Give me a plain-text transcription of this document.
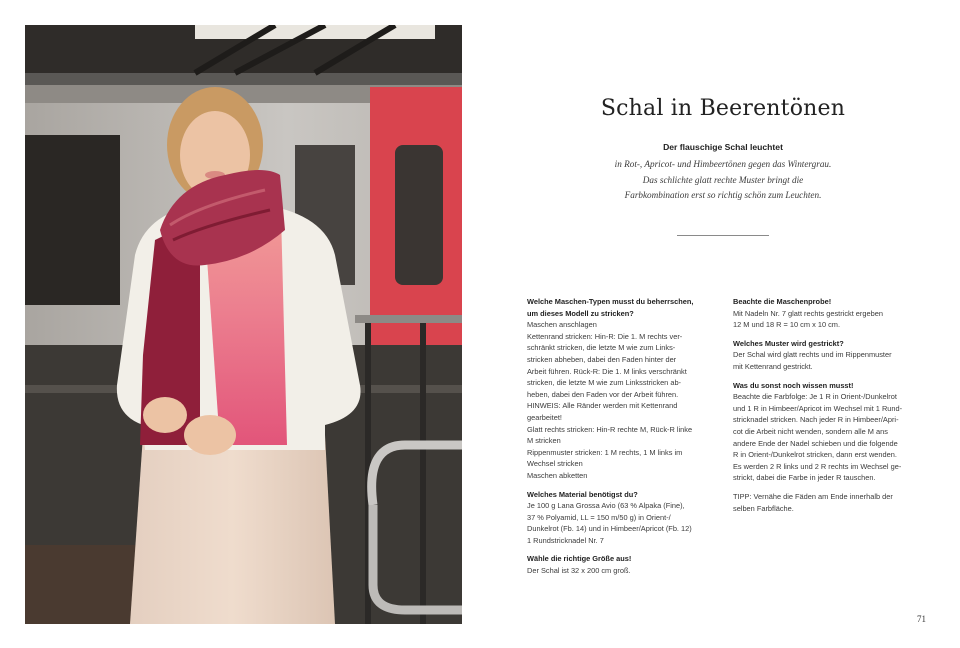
Schal in Beerentönen
Der flauschige Schal leuchtet
in Rot-, Apricot- und Himbeertönen gegen das Wintergrau.
Das schlichte glatt rechte Muster bringt die
Farbkombination erst so richtig schön zum Leuchten.

Welche Maschen-Typen musst du beherrschen,

um dieses Modell zu stricken?

Maschen anschlagen

Kettenrand stricken: Hin-R: Die 1. M rechts ver-

schränkt stricken, die letzte M wie zum Links-

stricken abheben, dabei den Faden hinter der

Arbeit führen. Rück-R: Die 1. M links verschränkt

stricken, die letzte M wie zum Linksstricken ab-

heben, dabei den Faden vor der Arbeit führen.

HINWEIS: Alle Ränder werden mit Kettenrand

gearbeitet!

Glatt rechts stricken: Hin-R rechte M, Rück-R linke

M stricken

Rippenmuster stricken: 1 M rechts, 1 M links im

Wechsel stricken

Maschen abketten

Welches Material benötigst du?

Je 100 g Lana Grossa Avio (63 % Alpaka (Fine),

37 % Polyamid, LL = 150 m/50 g) in Orient-/

Dunkelrot (Fb. 14) und in Himbeer/Apricot (Fb. 12)

1 Rundstricknadel Nr. 7

Wähle die richtige Größe aus!

Der Schal ist 32 x 200 cm groß.

Beachte die Maschenprobe!

Mit Nadeln Nr. 7 glatt rechts gestrickt ergeben

12 M und 18 R = 10 cm x 10 cm.

Welches Muster wird gestrickt?

Der Schal wird glatt rechts und im Rippenmuster

mit Kettenrand gestrickt.

Was du sonst noch wissen musst!

Beachte die Farbfolge: Je 1 R in Orient-/Dunkelrot

und 1 R in Himbeer/Apricot im Wechsel mit 1 Rund-

stricknadel stricken. Nach jeder R in Himbeer/Apri-

cot die Arbeit nicht wenden, sondern alle M ans

andere Ende der Nadel schieben und die folgende

R in Orient-/Dunkelrot stricken, dann erst wenden.

Es werden 2 R links und 2 R rechts im Wechsel ge-

strickt, dabei die Farbe in jeder R tauschen.

TIPP: Vernähe die Fäden am Ende innerhalb der

selben Farbfläche.

71
